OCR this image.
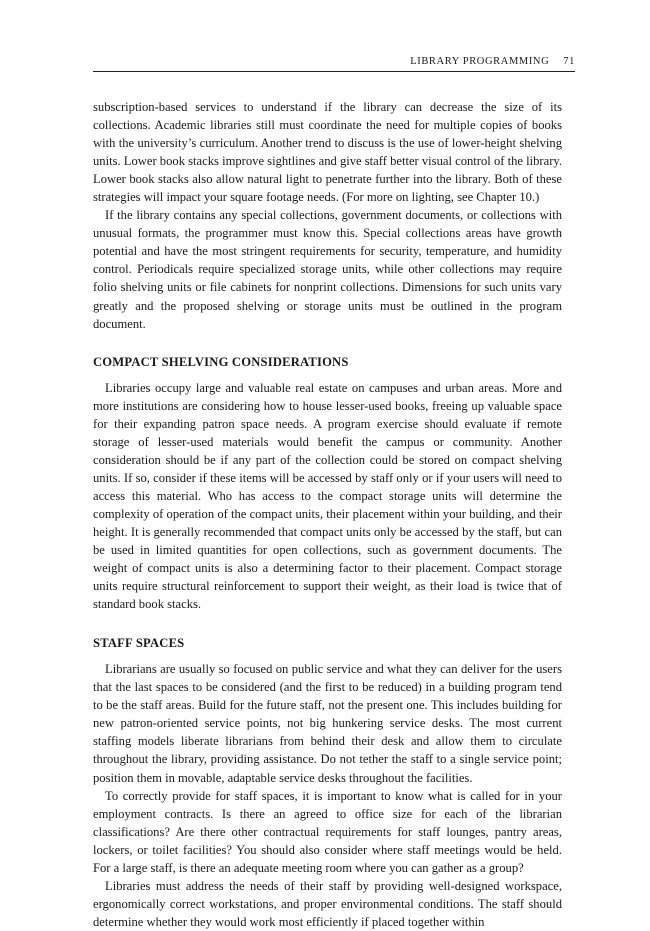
LIBRARY PROGRAMMING 71

subscription-based services to understand if the library can decrease the size of its collections. Academic libraries still must coordinate the need for multiple copies of books with the university’s curriculum. Another trend to discuss is the use of lower-height shelving units. Lower book stacks improve sightlines and give staff better visual control of the library. Lower book stacks also allow natural light to penetrate further into the library. Both of these strategies will impact your square footage needs. (For more on lighting, see Chapter 10.)

If the library contains any special collections, government documents, or collections with unusual formats, the programmer must know this. Special collections areas have growth potential and have the most stringent requirements for security, temperature, and humidity control. Periodicals require specialized storage units, while other collections may require folio shelving units or file cabinets for nonprint collections. Dimensions for such units vary greatly and the proposed shelving or storage units must be outlined in the program document.

COMPACT SHELVING CONSIDERATIONS

Libraries occupy large and valuable real estate on campuses and urban areas. More and more institutions are considering how to house lesser-used books, freeing up valuable space for their expanding patron space needs. A program exercise should evaluate if remote storage of lesser-used materials would benefit the campus or community. Another consideration should be if any part of the collection could be stored on compact shelving units. If so, consider if these items will be accessed by staff only or if your users will need to access this material. Who has access to the compact storage units will determine the complexity of operation of the compact units, their placement within your building, and their height. It is generally recommended that compact units only be accessed by the staff, but can be used in limited quantities for open collections, such as government documents. The weight of compact units is also a determining factor to their placement. Compact storage units require structural reinforcement to support their weight, as their load is twice that of standard book stacks.

STAFF SPACES

Librarians are usually so focused on public service and what they can deliver for the users that the last spaces to be considered (and the first to be reduced) in a building program tend to be the staff areas. Build for the future staff, not the present one. This includes building for new patron-oriented service points, not big hunkering service desks. The most current staffing models liberate librarians from behind their desk and allow them to circulate throughout the library, providing assistance. Do not tether the staff to a single service point; position them in movable, adaptable service desks throughout the facilities.

To correctly provide for staff spaces, it is important to know what is called for in your employment contracts. Is there an agreed to office size for each of the librarian classifications? Are there other contractual requirements for staff lounges, pantry areas, lockers, or toilet facilities? You should also consider where staff meetings would be held. For a large staff, is there an adequate meeting room where you can gather as a group?

Libraries must address the needs of their staff by providing well-designed workspace, ergonomically correct workstations, and proper environmental conditions. The staff should determine whether they would work most efficiently if placed together within
